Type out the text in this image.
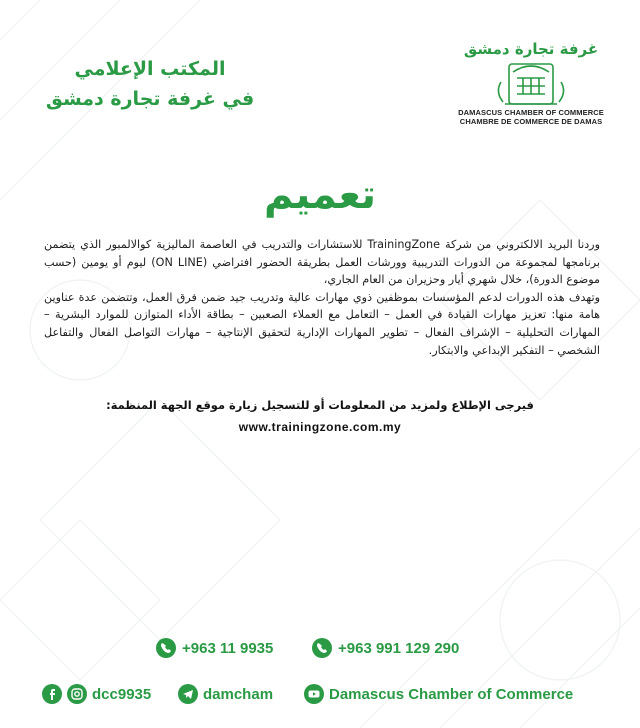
المكتب الإعلامي
في غرفة تجارة دمشق
غرفة تجارة دمشق
DAMASCUS CHAMBER OF COMMERCE
CHAMBRE DE COMMERCE DE DAMAS
تعميم

وردنا البريد الالكتروني من شركة TrainingZone للاستشارات والتدريب في العاصمة الماليزية كوالالمبور الذي يتضمن برنامجها لمجموعة من الدورات التدريبية وورشات العمل بطريقة الحضور افتراضي (ON LINE) ليوم أو يومين (حسب موضوع الدورة)، خلال شهري أيار وحزيران من العام الجاري،

وتهدف هذه الدورات لدعم المؤسسات بموظفين ذوي مهارات عالية وتدريب جيد ضمن فرق العمل، وتتضمن عدة عناوين هامة منها: تعزيز مهارات القيادة في العمل – التعامل مع العملاء الصعبين – بطاقة الأداء المتوازن للموارد البشرية – المهارات التحليلية – الإشراف الفعال – تطوير المهارات الإدارية لتحقيق الإنتاجية – مهارات التواصل الفعال والتفاعل الشخصي – التفكير الإبداعي والابتكار.

فيرجى الإطلاع ولمزيد من المعلومات أو للتسجيل زيارة موقع الجهة المنظمة:
www.trainingzone.com.my
+963 991 129 290
+963 11 9935
dcc9935	damcham	Damascus Chamber of Commerce
